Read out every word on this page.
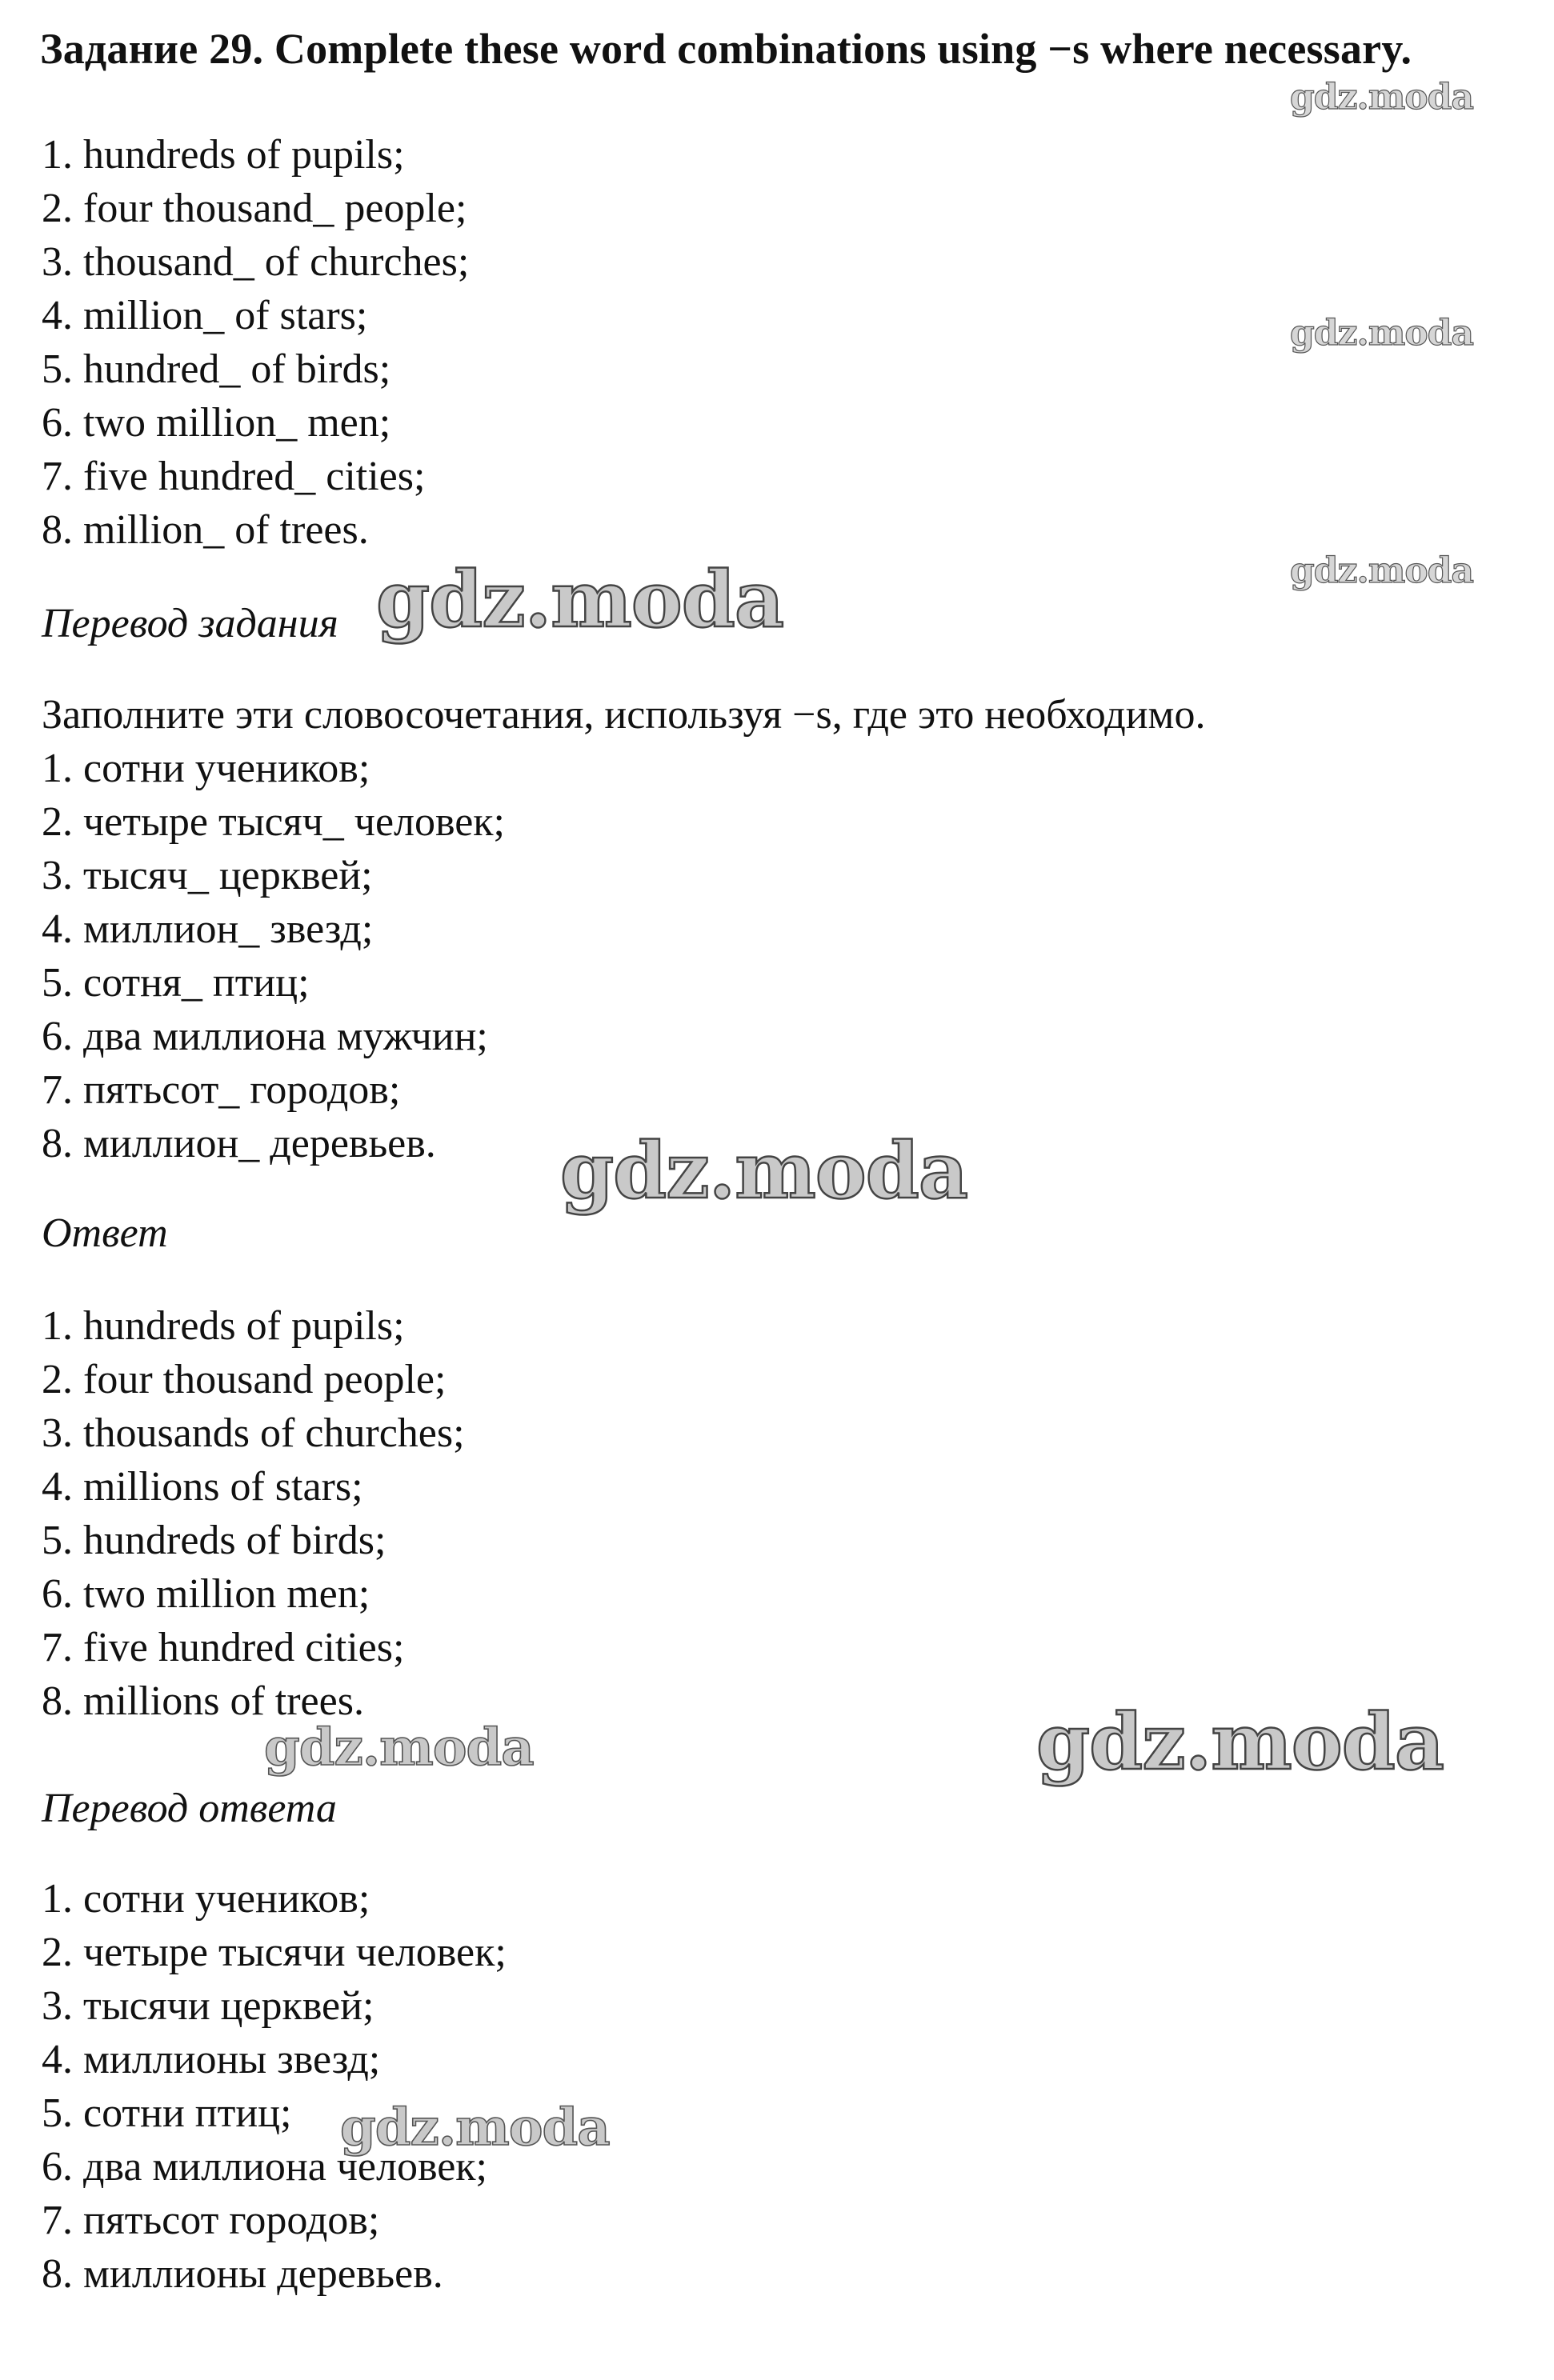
Задание 29. Complete these word combinations using −s where necessary.
1. hundreds of pupils;
2. four thousand_ people;
3. thousand_ of churches;
4. million_ of stars;
5. hundred_ of birds;
6. two million_ men;
7. five hundred_ cities;
8. million_ of trees.
Перевод задания
Заполните эти словосочетания, используя −s, где это необходимо.
1. сотни учеников;
2. четыре тысяч_ человек;
3. тысяч_ церквей;
4. миллион_ звезд;
5. сотня_ птиц;
6. два миллиона мужчин;
7. пятьсот_ городов;
8. миллион_ деревьев.
Ответ
1. hundreds of pupils;
2. four thousand people;
3. thousands of churches;
4. millions of stars;
5. hundreds of birds;
6. two million men;
7. five hundred cities;
8. millions of trees.
Перевод ответа
1. сотни учеников;
2. четыре тысячи человек;
3. тысячи церквей;
4. миллионы звезд;
5. сотни птиц;
6. два миллиона человек;
7. пятьсот городов;
8. миллионы деревьев.
gdz.moda
gdz.moda
gdz.moda
gdz.moda
gdz.moda
gdz.moda	gdz.moda
gdz.moda
